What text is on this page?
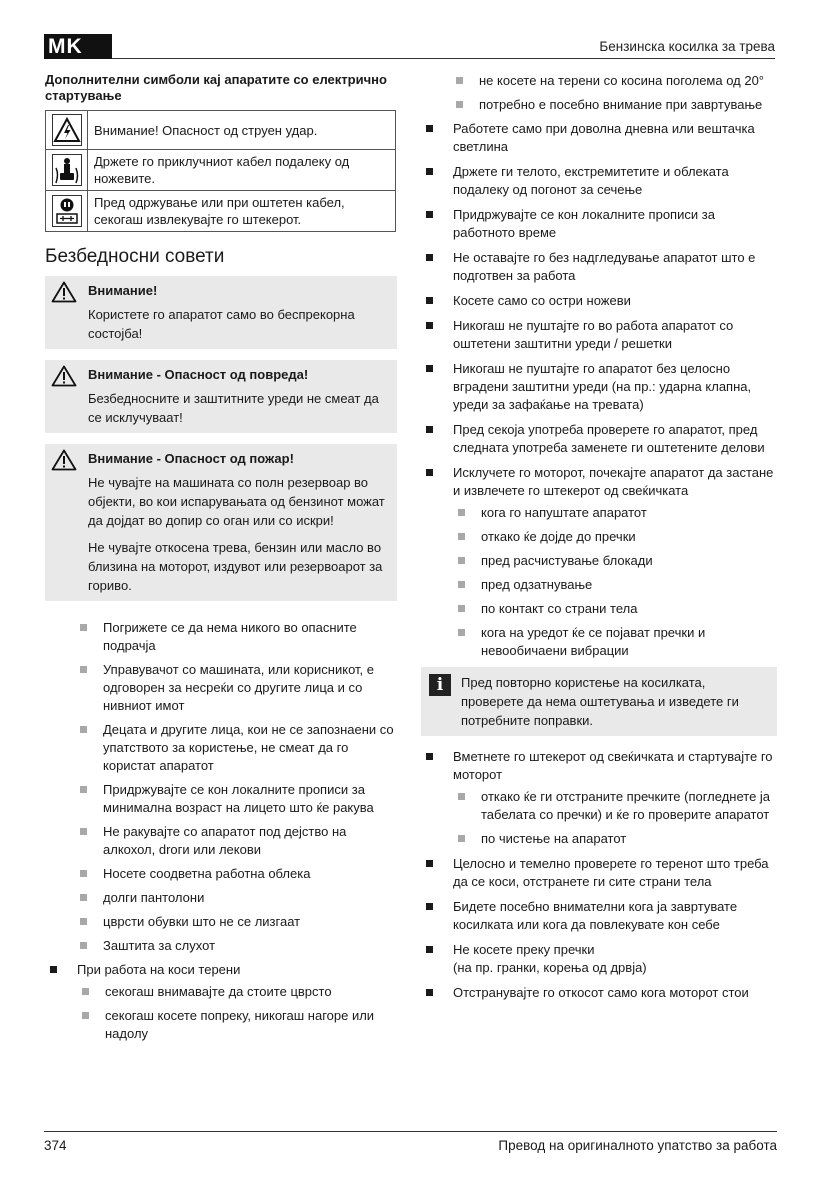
MK	Бензинска косилка за трева
Дополнителни симболи кај апаратите со електрично стартување
	Внимание! Опасност од струен удар.
	Држете го приклучниот кабел подалеку од ножевите.
	Пред одржување или при оштетен кабел, секогаш извлекувајте го штекерот.
Безбедносни совети
Внимание!

Користете го апаратот само во беспрекорна состојба!

Внимание - Опасност од повреда!

Безбедносните и заштитните уреди не смеат да се исклучуваат!

Внимание - Опасност од пожар!

Не чувајте на машината со полн резервоар во објекти, во кои испарувањата од бензинот можат да дојдат во допир со оган или со искри!

Не чувајте откосена трева, бензин или масло во близина на моторот, издувот или резервоарот за гориво.

Погрижете се да нема никого во опасните подрачја
Управувачот со машината, или корисникот, е одговорен за несреќи со другите лица и со нивниот имот
Децата и другите лица, кои не се запознаени со упатството за користење, не смеат да го користат апаратот
Придржувајте се кон локалните прописи за минимална возраст на лицето што ќе ракува
Не ракувајте со апаратот под дејство на алкохол, droги или лекови
Носете соодветна работна облека
долги пантолони
цврсти обувки што не се лизгаат
Заштита за слухот
При работа на коси терени
секогаш внимавајте да стоите цврсто
секогаш косете попреку, никогаш нагоре или надолу
не косете на терени со косина поголема од 20°
потребно е посебно внимание при завртување
Работете само при доволна дневна или вештачка светлина
Држете ги телото, екстремитетите и облеката подалеку од погонот за сечење
Придржувајте се кон локалните прописи за работното време
Не оставајте го без надгледување апаратот што е подготвен за работа
Косете само со остри ножеви
Никогаш не пуштајте го во работа апаратот со оштетени заштитни уреди / решетки
Никогаш не пуштајте го апаратот без целосно вградени заштитни уреди (на пр.: ударна клапна, уреди за зафаќање на тревата)
Пред секоја употреба проверете го апаратот, пред следната употреба заменете ги оштетените делови
Исклучете го моторот, почекајте апаратот да застане и извлечете го штекерот од свеќичката
кога го напуштате апаратот
откако ќе дојде до пречки
пред расчистување блокади
пред одзатнување
по контакт со страни тела
кога на уредот ќе се појават пречки и невообичаени вибрации
i	Пред повторно користење на косилката, проверете да нема оштетувања и изведете ги потребните поправки.
Вметнете го штекерот од свеќичката и стартувајте го моторот
откако ќе ги отстраните пречките (погледнете ја табелата со пречки) и ќе го проверите апаратот
по чистење на апаратот
Целосно и темелно проверете го теренот што треба да се коси, отстранете ги сите страни тела
Бидете посебно внимателни кога ја завртувате косилката или кога да повлекувате кон себе
Не косете преку пречки
(на пр. гранки, корења од дрвја)
Отстранувајте го откосот само кога моторот стои
374	Превод на оригиналното упатство за работа
